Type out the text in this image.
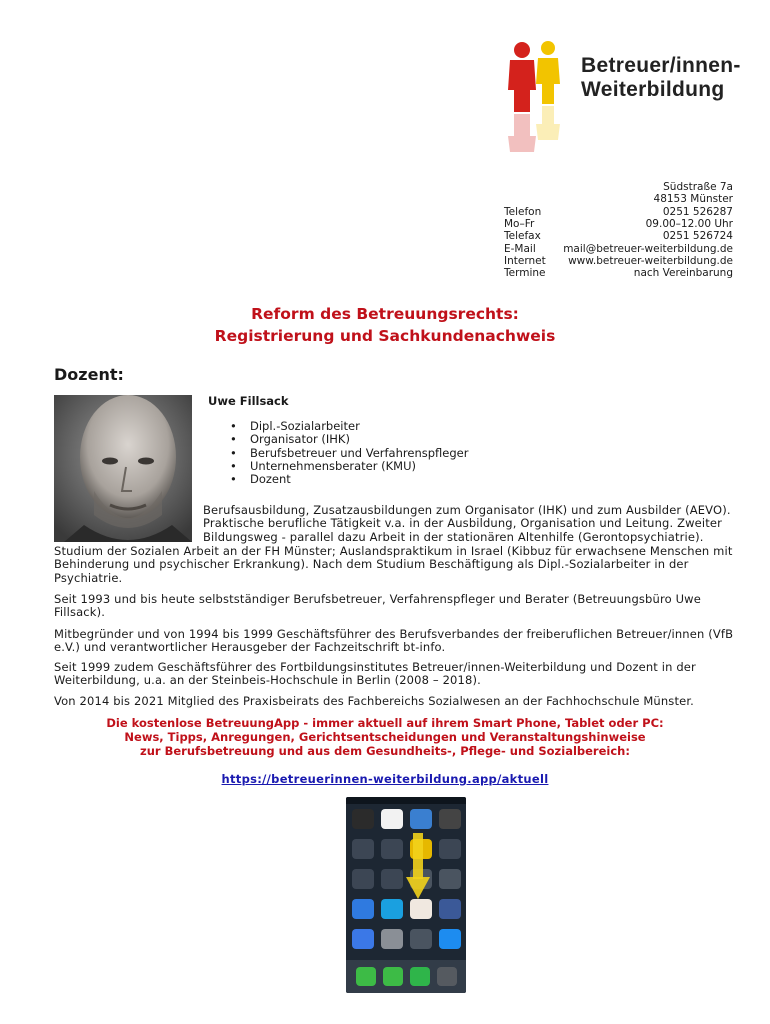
Betreuer/innen-
Weiterbildung
Südstraße 7a
48153 Münster
Telefon	0251 526287
Mo–Fr	09.00–12.00 Uhr
Telefax	0251 526724
E-Mail	mail@betreuer-weiterbildung.de
Internet www.betreuer-weiterbildung.de
Termine	nach Vereinbarung
Reform des Betreuungsrechts:
Registrierung und Sachkundenachweis
Dozent:
Uwe Fillsack
• Dipl.-Sozialarbeiter
• Organisator (IHK)
• Berufsbetreuer und Verfahrenspfleger
• Unternehmensberater (KMU)
• Dozent
Berufsausbildung, Zusatzausbildungen zum Organisator (IHK) und zum Ausbilder (AEVO). Praktische berufliche Tätigkeit v.a. in der Ausbildung, Organisation und Leitung. Zweiter Bildungsweg - parallel dazu Arbeit in der stationären Altenhilfe (Gerontopsychiatrie).
Studium der Sozialen Arbeit an der FH Münster; Auslandspraktikum in Israel (Kibbuz für erwachsene Menschen mit Behinderung und psychischer Erkrankung). Nach dem Studium Beschäftigung als Dipl.-Sozialarbeiter in der Psychiatrie.
Seit 1993 und bis heute selbstständiger Berufsbetreuer, Verfahrenspfleger und Berater (Betreuungsbüro Uwe Fillsack).
Mitbegründer und von 1994 bis 1999 Geschäftsführer des Berufsverbandes der freiberuflichen Betreuer/innen (VfB e.V.) und verantwortlicher Herausgeber der Fachzeitschrift bt-info.
Seit 1999 zudem Geschäftsführer des Fortbildungsinstitutes Betreuer/innen-Weiterbildung und Dozent in der Weiterbildung, u.a. an der Steinbeis-Hochschule in Berlin (2008 – 2018).
Von 2014 bis 2021 Mitglied des Praxisbeirats des Fachbereichs Sozialwesen an der Fachhochschule Münster.
Die kostenlose BetreuungApp - immer aktuell auf ihrem Smart Phone, Tablet oder PC:
News, Tipps, Anregungen, Gerichtsentscheidungen und Veranstaltungshinweise
zur Berufsbetreuung und aus dem Gesundheits-, Pflege- und Sozialbereich:
https://betreuerinnen-weiterbildung.app/aktuell
